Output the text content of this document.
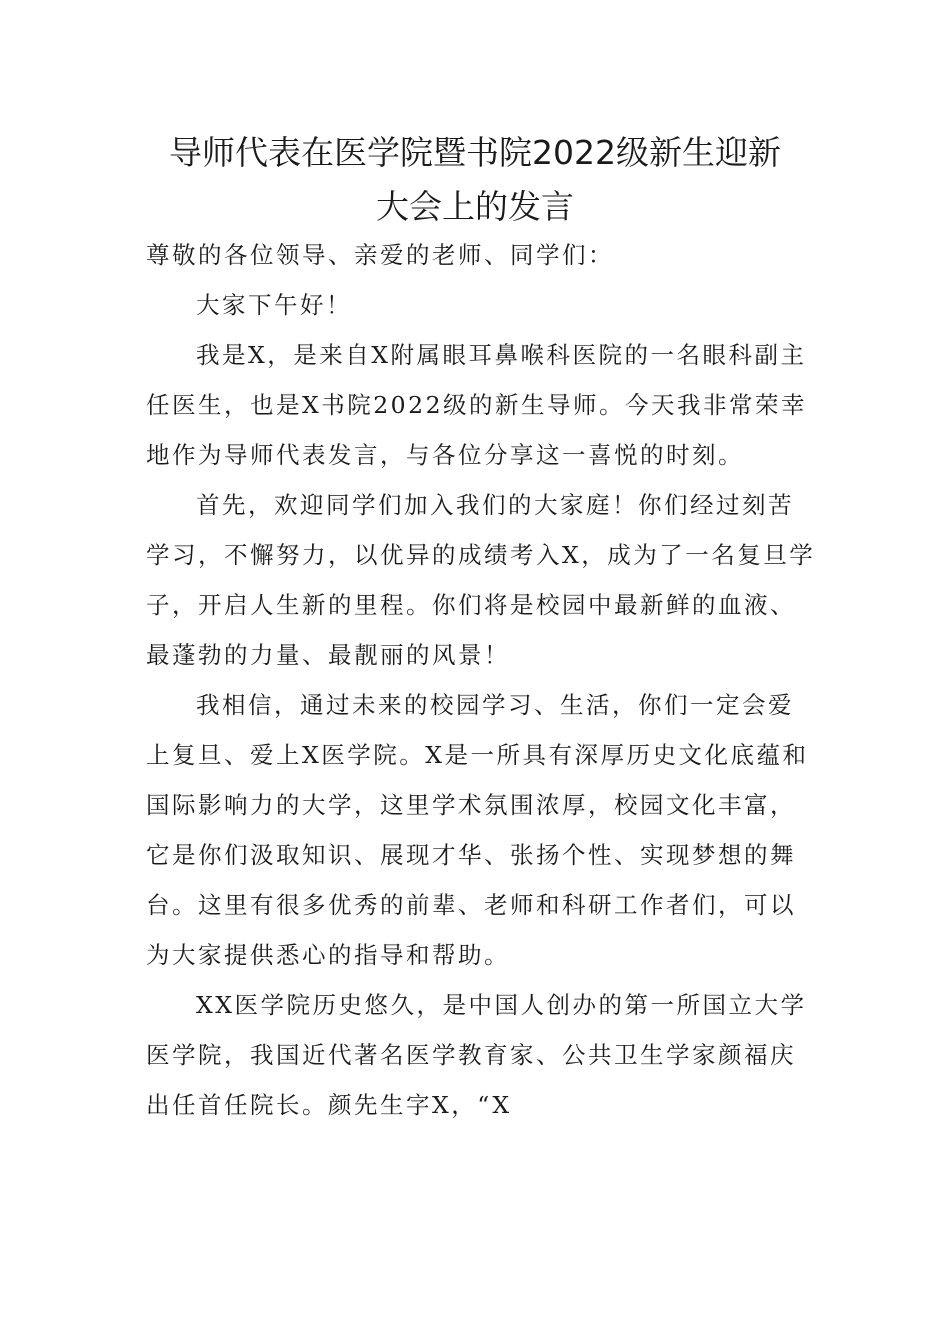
导师代表在医学院暨书院2022级新生迎新
大会上的发言
尊敬的各位领导、亲爱的老师、同学们：
大家下午好！
我是X，是来自X附属眼耳鼻喉科医院的一名眼科副主
任医生，也是X书院2022级的新生导师。今天我非常荣幸
地作为导师代表发言，与各位分享这一喜悦的时刻。
首先，欢迎同学们加入我们的大家庭！你们经过刻苦
学习，不懈努力，以优异的成绩考入X，成为了一名复旦学
子，开启人生新的里程。你们将是校园中最新鲜的血液、
最蓬勃的力量、最靓丽的风景！
我相信，通过未来的校园学习、生活，你们一定会爱
上复旦、爱上X医学院。X是一所具有深厚历史文化底蕴和
国际影响力的大学，这里学术氛围浓厚，校园文化丰富，
它是你们汲取知识、展现才华、张扬个性、实现梦想的舞
台。这里有很多优秀的前辈、老师和科研工作者们，可以
为大家提供悉心的指导和帮助。
XX医学院历史悠久，是中国人创办的第一所国立大学
医学院，我国近代著名医学教育家、公共卫生学家颜福庆
出任首任院长。颜先生字X，“X
